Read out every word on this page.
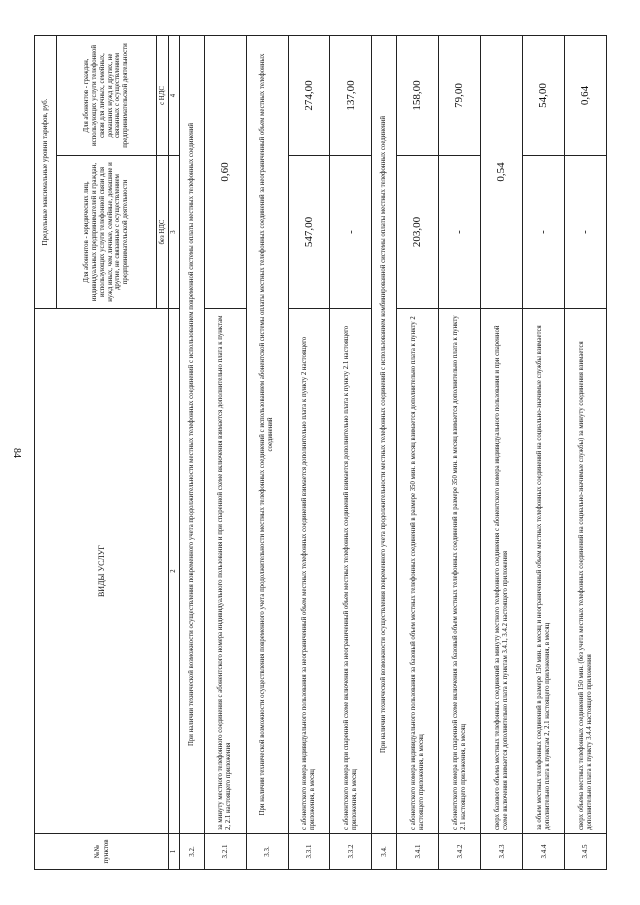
84
№№ пунктов	ВИДЫ УСЛУГ	Предельные максимальные уровни тарифов, руб.	
		Для абонентов - юридических лиц, индивидуальных предпринимателей и граждан, использующих услуги телефонной связи для нужд иных, чем личные, семейные, домашние и другие, не связанные с осуществлением предпринимательской деятельности	Для абонентов - граждан, использующих услуги телефонной связи для личных, семейных, домашних нужд и других, не связанных с осуществлением предпринимательской деятельности
		без НДС	с НДС
1	2	3	4
3.2.	При наличии технической возможности осуществления повременного учета продолжительности местных телефонных соединений с использованием повременной системы оплаты местных телефонных соединений		
3.2.1	за минуту местного телефонного соединения с абонентского номера индивидуального пользования и при спаренной схеме включения взимается дополнительно плата к пунктам 2, 2.1 настоящего приложения	0,60	
3.3.	При наличии технической возможности осуществления повременного учета продолжительности местных телефонных соединений с использованием абонентской системы оплаты местных телефонных соединений за неограниченный объем местных телефонных соединений		
3.3.1	с абонентского номера индивидуального пользования за неограниченный объем местных телефонных соединений взимается дополнительно плата к пункту 2 настоящего приложения, в месяц	547,00	274,00
3.3.2	с абонентского номера при спаренной схеме включения за неограниченный объем местных телефонных соединений взимается дополнительно плата к пункту 2.1 настоящего приложения, в месяц	-	137,00
3.4.	При наличии технической возможности осуществления повременного учета продолжительности местных телефонных соединений с использованием комбинированной системы оплаты местных телефонных соединений		
3.4.1	с абонентского номера индивидуального пользования за базовый объем местных телефонных соединений в размере 350 мин. в месяц взимается дополнительно плата к пункту 2 настоящего приложения, в месяц	203,00	158,00
3.4.2	с абонентского номера при спаренной схеме включения за базовый объем местных телефонных соединений в размере 350 мин. в месяц взимается дополнительно плата к пункту 2.1 настоящего приложения, в месяц	-	79,00
3.4.3	сверх базового объема местных телефонных соединений за минуту местного телефонного соединения с абонентского номера индивидуального пользования и при спаренной схеме включения взимается дополнительно плата к пунктам 3.4.1, 3.4.2 настоящего приложения	0,54	
3.4.4	за объем местных телефонных соединений в размере 150 мин. в месяц и неограниченный объем местных телефонных соединений на социально-значимые службы взимается дополнительно плата к пунктам 2, 2.1 настоящего приложения, в месяц	-	54,00
3.4.5	сверх объема местных телефонных соединений 150 мин. (без учета местных телефонных соединений на социально-значимые службы) за минуту соединения взимается дополнительно плата к пункту 3.4.4 настоящего приложения	-	0,64
